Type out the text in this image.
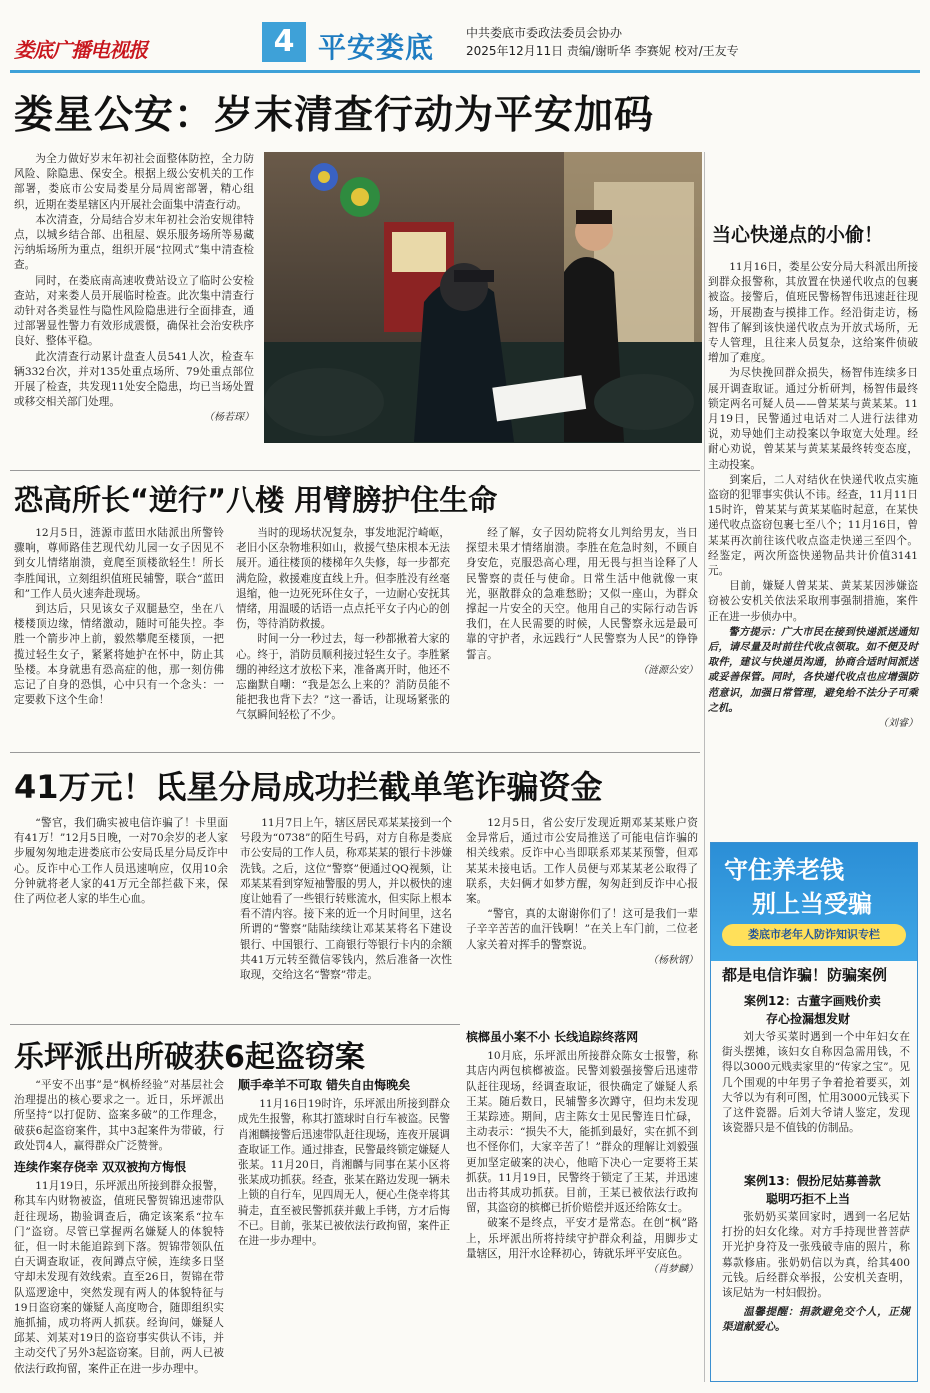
娄底广播电视报	4 平安娄底	中共娄底市委政法委员会协办
2025年12月11日 责编/谢昕华 李赛妮 校对/王友专
娄星公安：岁末清查行动为平安加码

为全力做好岁末年初社会面整体防控，全力防风险、除隐患、保安全。根据上级公安机关的工作部署，娄底市公安局娄星分局周密部署，精心组织，近期在娄星辖区内开展社会面集中清查行动。

本次清查，分局结合岁末年初社会治安规律特点，以城乡结合部、出租屋、娱乐服务场所等易藏污纳垢场所为重点，组织开展“拉网式”集中清查检查。

同时，在娄底南高速收费站设立了临时公安检查站，对来娄人员开展临时检查。此次集中清查行动针对各类显性与隐性风险隐患进行全面排查，通过部署显性警力有效形成震慑，确保社会治安秩序良好、整体平稳。

此次清查行动累计盘查人员541人次，检查车辆332台次，并对135处重点场所、79处重点部位开展了检查，共发现11处安全隐患，均已当场处置或移交相关部门处理。

（杨若琛）
当心快递点的小偷！

11月16日，娄星公安分局大科派出所接到群众报警称，其放置在快递代收点的包裹被盗。接警后，值班民警杨智伟迅速赶往现场，开展勘查与摸排工作。经沿街走访，杨智伟了解到该快递代收点为开放式场所，无专人管理，且往来人员复杂，这给案件侦破增加了难度。

为尽快挽回群众损失，杨智伟连续多日展开调查取证。通过分析研判，杨智伟最终锁定两名可疑人员——曾某某与黄某某。11月19日，民警通过电话对二人进行法律劝说，劝导她们主动投案以争取宽大处理。经耐心劝说，曾某某与黄某某最终转变态度，主动投案。

到案后，二人对结伙在快递代收点实施盗窃的犯罪事实供认不讳。经查，11月11日15时许，曾某某与黄某某临时起意，在某快递代收点盗窃包裹七至八个；11月16日，曾某某再次前往该代收点盗走快递三至四个。经鉴定，两次所盗快递物品共计价值3141元。

目前，嫌疑人曾某某、黄某某因涉嫌盗窃被公安机关依法采取刑事强制措施，案件正在进一步侦办中。

警方提示：广大市民在接到快递派送通知后，请尽量及时前往代收点领取。如不便及时取件，建议与快递员沟通，协商合适时间派送或妥善保管。同时，各快递代收点也应增强防范意识，加强日常管理，避免给不法分子可乘之机。

（刘睿）
恐高所长“逆行”八楼 用臂膀护住生命

12月5日，涟源市蓝田水陆派出所警铃骤响，尊师路佳艺现代幼儿园一女子因见不到女儿情绪崩溃，竟爬至顶楼欲轻生！所长李胜闻讯，立刻组织值班民辅警，联合“蓝田和”工作人员火速奔赴现场。

到达后，只见该女子双腿悬空，坐在八楼楼顶边缘，情绪激动，随时可能失控。李胜一个箭步冲上前，毅然攀爬至楼顶，一把揽过轻生女子，紧紧将她护在怀中，防止其坠楼。本身就患有恐高症的他，那一刻仿佛忘记了自身的恐惧，心中只有一个念头：一定要救下这个生命！

当时的现场状况复杂，事发地泥泞崎岖，老旧小区杂物堆积如山，救援气垫床根本无法展开。通往楼顶的楼梯年久失修，每一步都充满危险，救援难度直线上升。但李胜没有丝毫退缩，他一边死死环住女子，一边耐心安抚其情绪，用温暖的话语一点点托平女子内心的创伤，等待消防救援。

时间一分一秒过去，每一秒都揪着大家的心。终于，消防员顺利接过轻生女子。李胜紧绷的神经这才放松下来，准备离开时，他还不忘幽默自嘲：“我是怎么上来的？消防员能不能把我也背下去？”这一番话，让现场紧张的气氛瞬间轻松了不少。

经了解，女子因幼院将女儿判给男友，当日探望未果才情绪崩溃。李胜在危急时刻，不顾自身安危，克服恐高心理，用无畏与担当诠释了人民警察的责任与使命。日常生活中他就像一束光，驱散群众的急难愁盼；又似一座山，为群众撑起一片安全的天空。他用自己的实际行动告诉我们，在人民需要的时候，人民警察永远是最可靠的守护者，永远践行“人民警察为人民”的铮铮誓言。

（涟源公安）
41万元！氐星分局成功拦截单笔诈骗资金

“警官，我们确实被电信诈骗了！卡里面有41万！”12月5日晚，一对70余岁的老人家步履匆匆地走进娄底市公安局氐星分局反诈中心。反诈中心工作人员迅速响应，仅用10余分钟就将老人家的41万元全部拦截下来，保住了两位老人家的毕生心血。

11月7日上午，辖区居民邓某某接到一个号段为“0738”的陌生号码，对方自称是娄底市公安局的工作人员，称邓某某的银行卡涉嫌洗钱。之后，这位“警察”便通过QQ视频，让邓某某看到穿短袖警服的男人，并以极快的速度让她看了一些银行转账流水，但实际上根本看不清内容。接下来的近一个月时间里，这名所谓的“警察”陆陆续续让邓某某将名下建设银行、中国银行、工商银行等银行卡内的余额共41万元转至微信零钱内，然后准备一次性取现，交给这名“警察”带走。

12月5日，省公安厅发现近期邓某某账户资金异常后，通过市公安局推送了可能电信诈骗的相关线索。反诈中心当即联系邓某某预警，但邓某某未接电话。工作人员便与邓某某老公取得了联系，夫妇俩才如梦方醒，匆匆赶到反诈中心报案。

“警官，真的太谢谢你们了！这可是我们一辈子辛辛苦苦的血汗钱啊！”在关上车门前，二位老人家关着对挥手的警察说。

（杨秋钢）
乐坪派出所破获6起盗窃案

“平安不出事”是“枫桥经验”对基层社会治理提出的核心要求之一。近日，乐坪派出所坚持“以打促防、盗案多破”的工作理念，破获6起盗窃案件，其中3起案件为带破，行政处罚4人，赢得群众广泛赞誉。

连续作案存侥幸 双双被拘方悔恨

11月19日，乐坪派出所接到群众报警，称其车内财物被盗，值班民警贺锦迅速带队赶往现场，勘验调查后，确定该案系“拉车门”盗窃。尽管已掌握两名嫌疑人的体貌特征，但一时未能追踪到下落。贺锦带领队伍白天调查取证，夜间蹲点守候，连续多日坚守却未发现有效线索。直至26日，贺锦在带队巡逻途中，突然发现有两人的体貌特征与19日盗窃案的嫌疑人高度吻合，随即组织实施抓捕，成功将两人抓获。经询问，嫌疑人邱某、刘某对19日的盗窃事实供认不讳，并主动交代了另外3起盗窃案。目前，两人已被依法行政拘留，案件正在进一步办理中。

顺手牵羊不可取 错失自由悔晚矣

11月16日19时许，乐坪派出所接到群众成先生报警，称其打篮球时自行车被盗。民警肖湘麟接警后迅速带队赶往现场，连夜开展调查取证工作。通过排查，民警最终锁定嫌疑人张某。11月20日，肖湘麟与同事在某小区将张某成功抓获。经查，张某在路边发现一辆未上锁的自行车，见四周无人，便心生侥幸将其骑走，直至被民警抓获并戴上手铐，方才后悔不已。目前，张某已被依法行政拘留，案件正在进一步办理中。

槟榔虽小案不小 长线追踪终落网

10月底，乐坪派出所接群众陈女士报警，称其店内两包槟榔被盗。民警刘毅强接警后迅速带队赶往现场，经调查取证，很快确定了嫌疑人系王某。随后数日，民辅警多次蹲守，但均未发现王某踪迹。期间，店主陈女士见民警连日忙碌，主动表示：“损失不大，能抓到最好，实在抓不到也不怪你们，大家辛苦了！”群众的理解让刘毅强更加坚定破案的决心，他暗下决心一定要将王某抓获。11月19日，民警终于锁定了王某，并迅速出击将其成功抓获。目前，王某已被依法行政拘留，其盗窃的槟榔已折价赔偿并返还给陈女士。

破案不是终点，平安才是常态。在创“枫”路上，乐坪派出所将持续守护群众利益，用脚步丈量辖区，用汗水诠释初心，铸就乐坪平安底色。

（肖梦麟）
守住养老钱
别上当受骗
娄底市老年人防诈知识专栏
都是电信诈骗！防骗案例
案例12：古董字画贱价卖
存心捡漏想发财

刘大爷买菜时遇到一个中年妇女在街头摆摊，该妇女自称因急需用钱，不得以3000元贱卖家里的“传家之宝”。见几个围观的中年男子争着抢着要买，刘大爷以为有利可图，忙用3000元钱买下了这件瓷器。后刘大爷请人鉴定，发现该瓷器只是不值钱的仿制品。

案例13：假扮尼姑募善款
聪明巧拒不上当

张奶奶买菜回家时，遇到一名尼姑打扮的妇女化缘。对方手持现世普菩萨开光护身符及一张残破寺庙的照片，称募款修庙。张奶奶信以为真，给其400元钱。后经群众举报，公安机关查明，该尼姑为一村妇假扮。

温馨提醒：捐款避免交个人，正规渠道献爱心。
